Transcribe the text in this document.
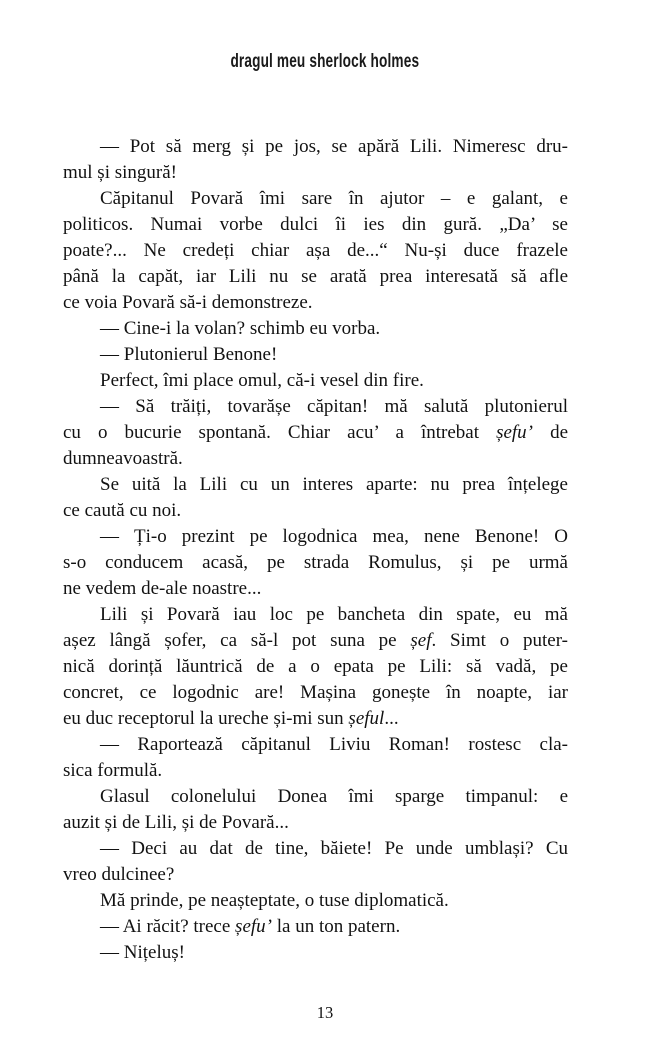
dragul meu sherlock holmes
— Pot să merg și pe jos, se apără Lili. Nimeresc dru-
mul și singură!
Căpitanul Povară îmi sare în ajutor – e galant, e
politicos. Numai vorbe dulci îi ies din gură. „Da’ se
poate?... Ne credeți chiar așa de...“ Nu-și duce frazele
până la capăt, iar Lili nu se arată prea interesată să afle
ce voia Povară să-i demonstreze.
— Cine-i la volan? schimb eu vorba.
— Plutonierul Benone!
Perfect, îmi place omul, că-i vesel din fire.
— Să trăiți, tovarășe căpitan! mă salută plutonierul
cu o bucurie spontană. Chiar acu’ a întrebat șefu’ de
dumneavoastră.
Se uită la Lili cu un interes aparte: nu prea înțelege
ce caută cu noi.
— Ți-o prezint pe logodnica mea, nene Benone! O
s-o conducem acasă, pe strada Romulus, și pe urmă
ne vedem de-ale noastre...
Lili și Povară iau loc pe bancheta din spate, eu mă
așez lângă șofer, ca să-l pot suna pe șef. Simt o puter-
nică dorință lăuntrică de a o epata pe Lili: să vadă, pe
concret, ce logodnic are! Mașina gonește în noapte, iar
eu duc receptorul la ureche și-mi sun șeful...
— Raportează căpitanul Liviu Roman! rostesc cla-
sica formulă.
Glasul colonelului Donea îmi sparge timpanul: e
auzit și de Lili, și de Povară...
— Deci au dat de tine, băiete! Pe unde umblași? Cu
vreo dulcinee?
Mă prinde, pe neașteptate, o tuse diplomatică.
— Ai răcit? trece șefu’ la un ton patern.
— Nițeluș!
13
